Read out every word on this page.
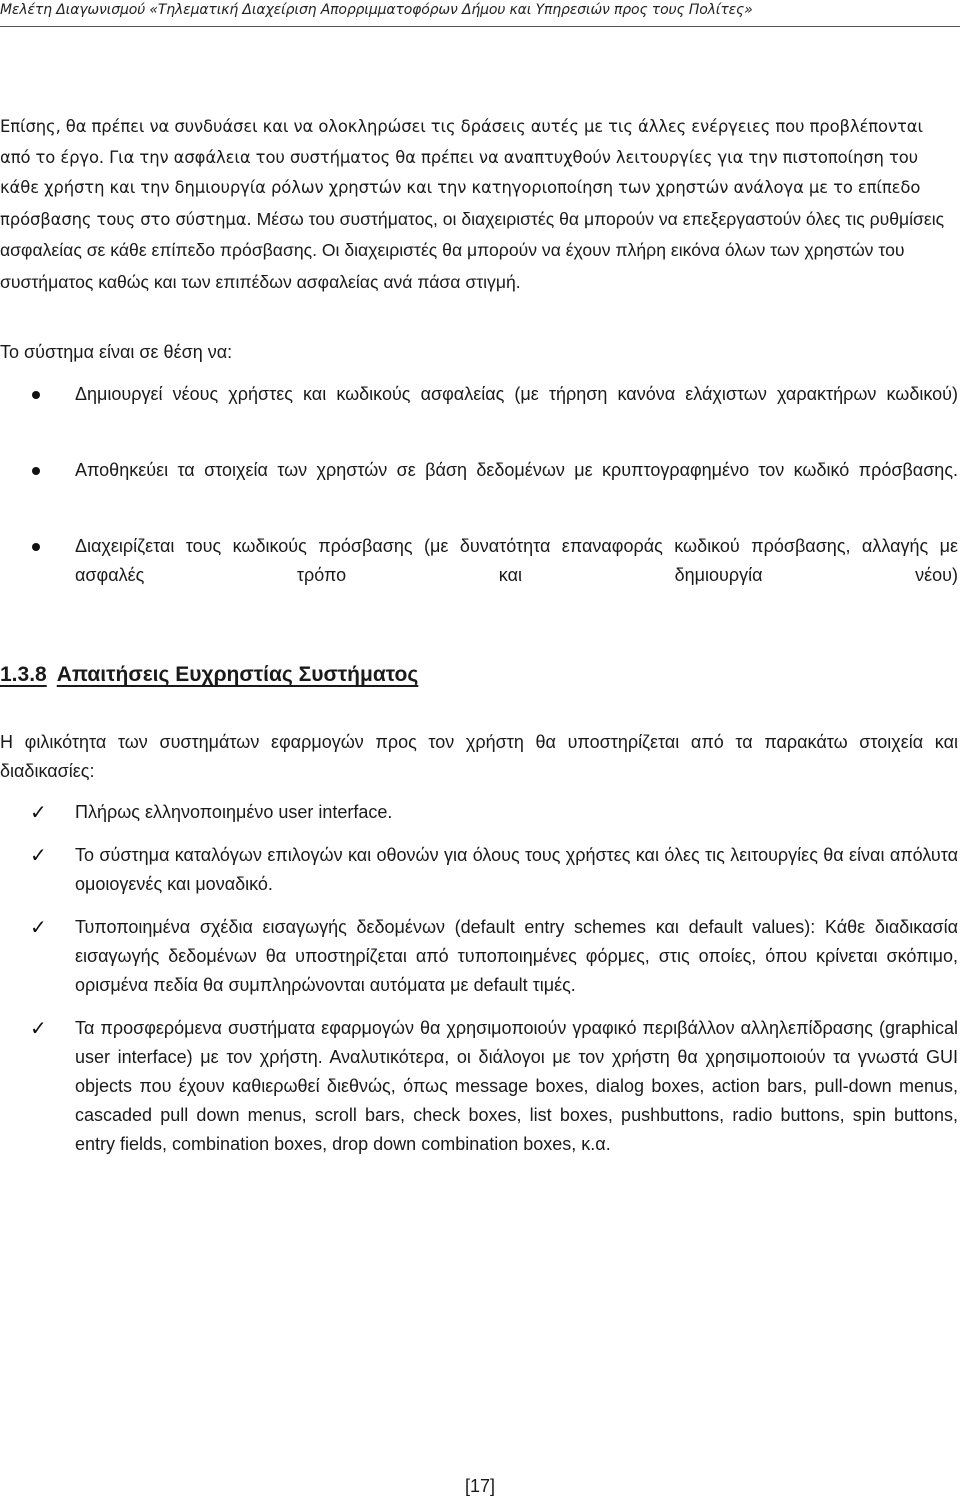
Μελέτη Διαγωνισμού «Τηλεματική Διαχείριση Απορριμματοφόρων Δήμου και Υπηρεσιών προς τους Πολίτες»

Επίσης, θα πρέπει να συνδυάσει και να ολοκληρώσει τις δράσεις αυτές με τις άλλες ενέργειες που προβλέπονται από το έργο. Για την ασφάλεια του συστήματος θα πρέπει να αναπτυχθούν λειτουργίες για την πιστοποίηση του κάθε χρήστη και την δημιουργία ρόλων χρηστών και την κατηγοριοποίηση των χρηστών ανάλογα με το επίπεδο πρόσβασης τους στο σύστημα. Μέσω του συστήματος, οι διαχειριστές θα μπορούν να επεξεργαστούν όλες τις ρυθμίσεις ασφαλείας σε κάθε επίπεδο πρόσβασης. Οι διαχειριστές θα μπορούν να έχουν πλήρη εικόνα όλων των χρηστών του συστήματος καθώς και των επιπέδων ασφαλείας ανά πάσα στιγμή.

Το σύστημα είναι σε θέση να:

Δημιουργεί νέους χρήστες και κωδικούς ασφαλείας (με τήρηση κανόνα ελάχιστων χαρακτήρων κωδικού)
Αποθηκεύει τα στοιχεία των χρηστών σε βάση δεδομένων με κρυπτογραφημένο τον κωδικό πρόσβασης.
Διαχειρίζεται τους κωδικούς πρόσβασης (με δυνατότητα επαναφοράς κωδικού πρόσβασης, αλλαγής με ασφαλές τρόπο και δημιουργία νέου)
1.3.8 Απαιτήσεις Ευχρηστίας Συστήματος

Η φιλικότητα των συστημάτων εφαρμογών προς τον χρήστη θα υποστηρίζεται από τα παρακάτω στοιχεία και διαδικασίες:

✓ Πλήρως ελληνοποιημένο user interface.
✓ Το σύστημα καταλόγων επιλογών και οθονών για όλους τους χρήστες και όλες τις λειτουργίες θα είναι απόλυτα ομοιογενές και μοναδικό.
✓ Τυποποιημένα σχέδια εισαγωγής δεδομένων (default entry schemes και default values): Κάθε διαδικασία εισαγωγής δεδομένων θα υποστηρίζεται από τυποποιημένες φόρμες, στις οποίες, όπου κρίνεται σκόπιμο, ορισμένα πεδία θα συμπληρώνονται αυτόματα με default τιμές.
✓ Τα προσφερόμενα συστήματα εφαρμογών θα χρησιμοποιούν γραφικό περιβάλλον αλληλεπίδρασης (graphical user interface) με τον χρήστη. Αναλυτικότερα, οι διάλογοι με τον χρήστη θα χρησιμοποιούν τα γνωστά GUI objects που έχουν καθιερωθεί διεθνώς, όπως message boxes, dialog boxes, action bars, pull-down menus, cascaded pull down menus, scroll bars, check boxes, list boxes, pushbuttons, radio buttons, spin buttons, entry fields, combination boxes, drop down combination boxes, κ.α.
[17]
